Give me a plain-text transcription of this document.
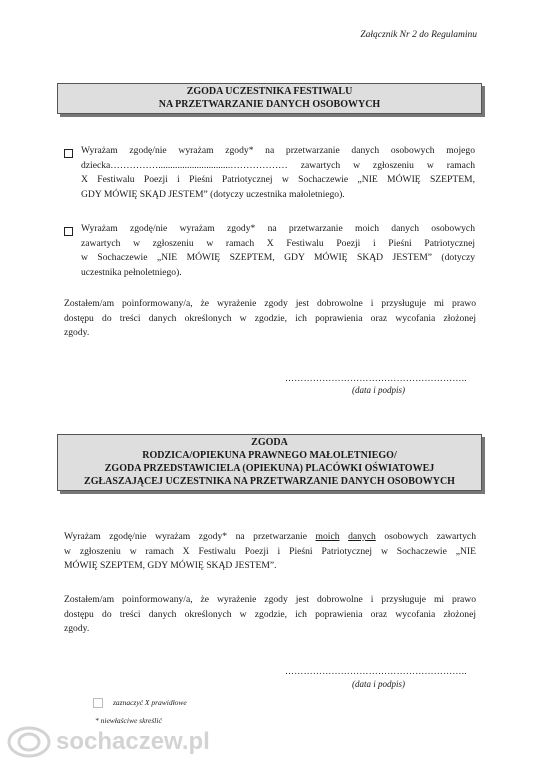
Załącznik Nr 2 do Regulaminu
ZGODA UCZESTNIKA FESTIWALU
NA PRZETWARZANIE DANYCH OSOBOWYCH
Wyrażam zgodę/nie wyrażam zgody* na przetwarzanie danych osobowych mojego
dziecka……………..............................……………… zawartych w zgłoszeniu w ramach
X Festiwalu Poezji i Pieśni Patriotycznej w Sochaczewie „NIE MÓWIĘ SZEPTEM,
GDY MÓWIĘ SKĄD JESTEM” (dotyczy uczestnika małoletniego).
Wyrażam zgodę/nie wyrażam zgody* na przetwarzanie moich danych osobowych
zawartych w zgłoszeniu w ramach X Festiwalu Poezji i Pieśni Patriotycznej
w Sochaczewie „NIE MÓWIĘ SZEPTEM, GDY MÓWIĘ SKĄD JESTEM” (dotyczy
uczestnika pełnoletniego).
Zostałem/am poinformowany/a, że wyrażenie zgody jest dobrowolne i przysługuje mi prawo
dostępu do treści danych określonych w zgodzie, ich poprawienia oraz wycofania złożonej
zgody.
…………………………………………………..
(data i podpis)
ZGODA
RODZICA/OPIEKUNA PRAWNEGO MAŁOLETNIEGO/
ZGODA PRZEDSTAWICIELA (OPIEKUNA) PLACÓWKI OŚWIATOWEJ
ZGŁASZAJĄCEJ UCZESTNIKA NA PRZETWARZANIE DANYCH OSOBOWYCH
Wyrażam zgodę/nie wyrażam zgody* na przetwarzanie moich danych osobowych zawartych
w zgłoszeniu w ramach X Festiwalu Poezji i Pieśni Patriotycznej w Sochaczewie „NIE
MÓWIĘ SZEPTEM, GDY MÓWIĘ SKĄD JESTEM”.
Zostałem/am poinformowany/a, że wyrażenie zgody jest dobrowolne i przysługuje mi prawo
dostępu do treści danych określonych w zgodzie, ich poprawienia oraz wycofania złożonej
zgody.
…………………………………………………..
(data i podpis)
zaznaczyć X prawidłowe
* niewłaściwe skreślić
sochaczew.pl
